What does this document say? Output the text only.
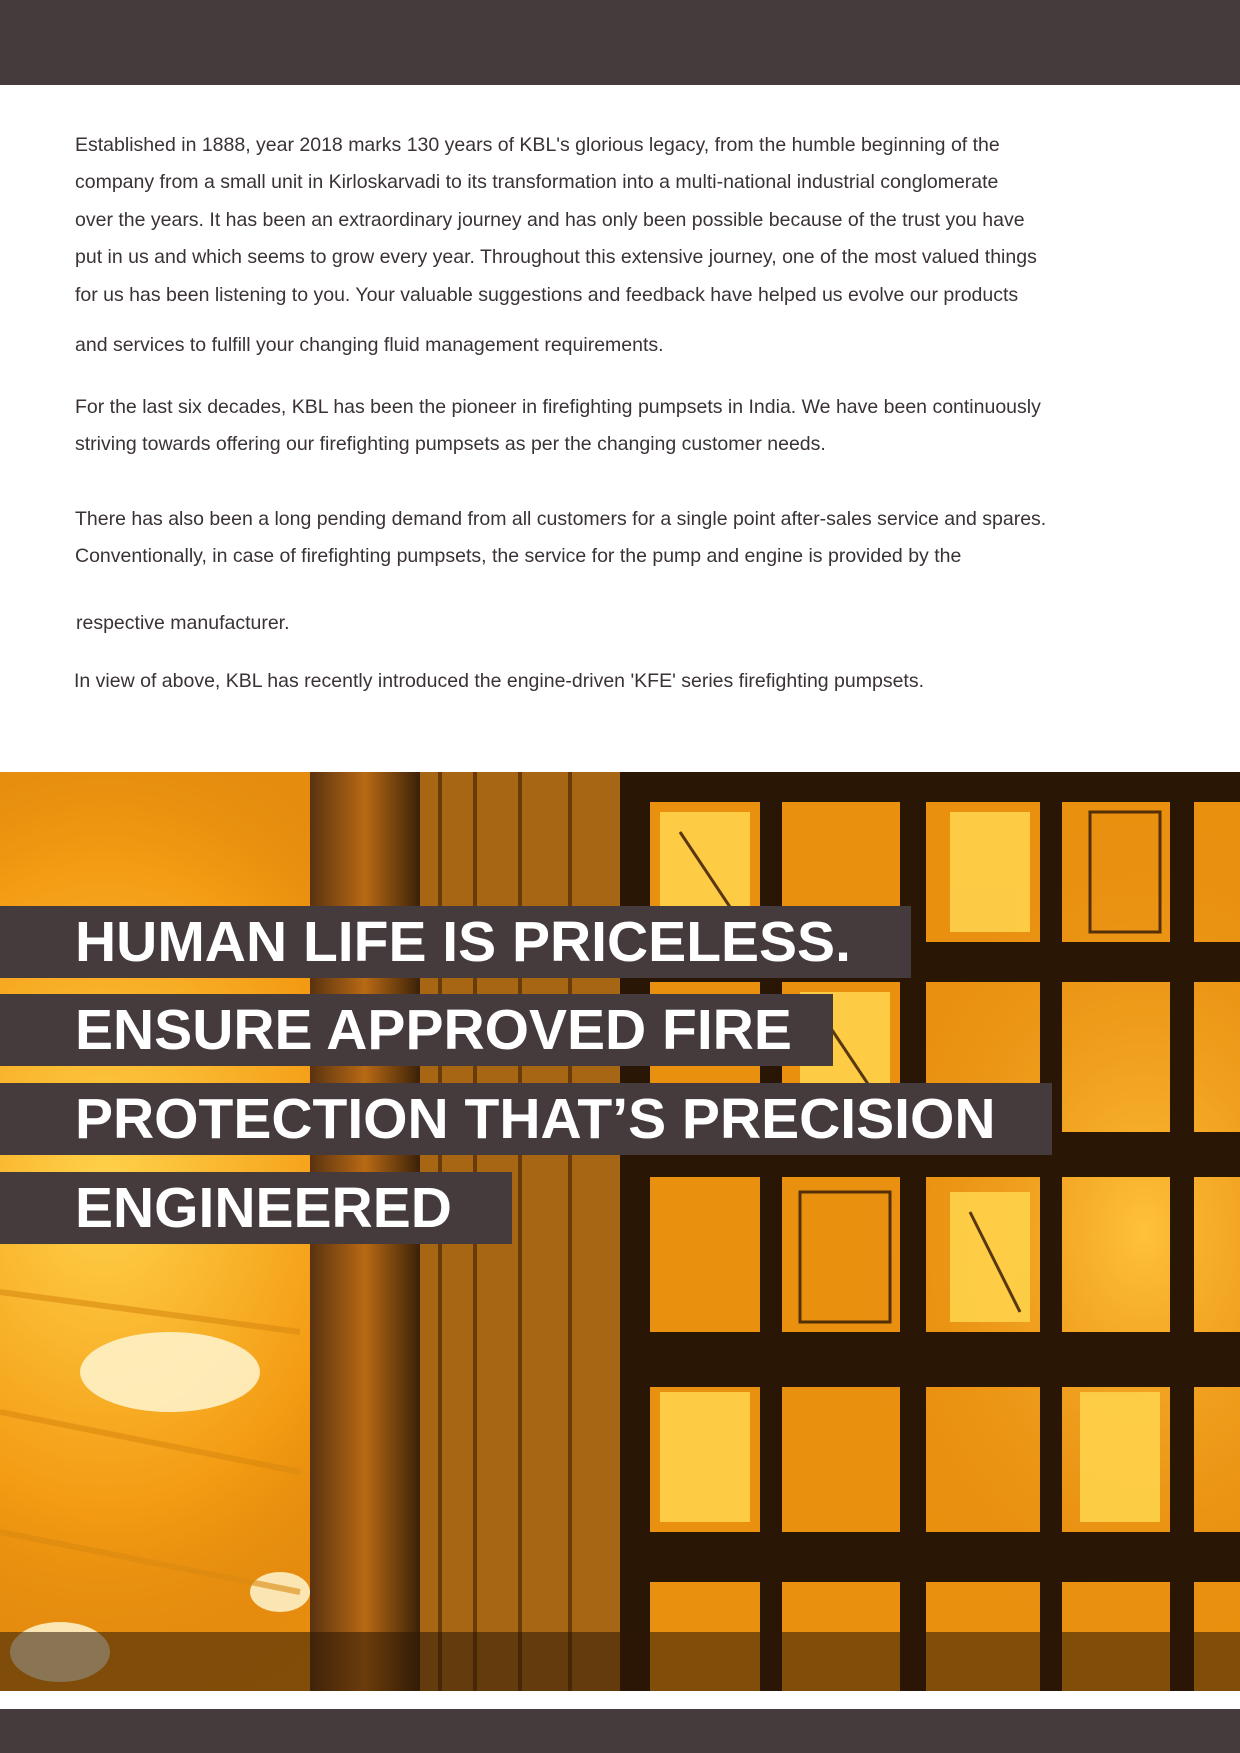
Established in 1888, year 2018 marks 130 years of KBL's glorious legacy, from the humble beginning of the

company from a small unit in Kirloskarvadi to its transformation into a multi-national industrial conglomerate

over the years. It has been an extraordinary journey and has only been possible because of the trust you have

put in us and which seems to grow every year. Throughout this extensive journey, one of the most valued things

for us has been listening to you. Your valuable suggestions and feedback have helped us evolve our products

and services to fulfill your changing fluid management requirements.

For the last six decades, KBL has been the pioneer in firefighting pumpsets in India. We have been continuously

striving towards offering our firefighting pumpsets as per the changing customer needs.

There has also been a long pending demand from all customers for a single point after-sales service and spares.

Conventionally, in case of firefighting pumpsets, the service for the pump and engine is provided by the

respective manufacturer.

In view of above, KBL has recently introduced the engine-driven 'KFE' series firefighting pumpsets.

HUMAN LIFE IS PRICELESS.
ENSURE APPROVED FIRE
PROTECTION THAT’S PRECISION
ENGINEERED
